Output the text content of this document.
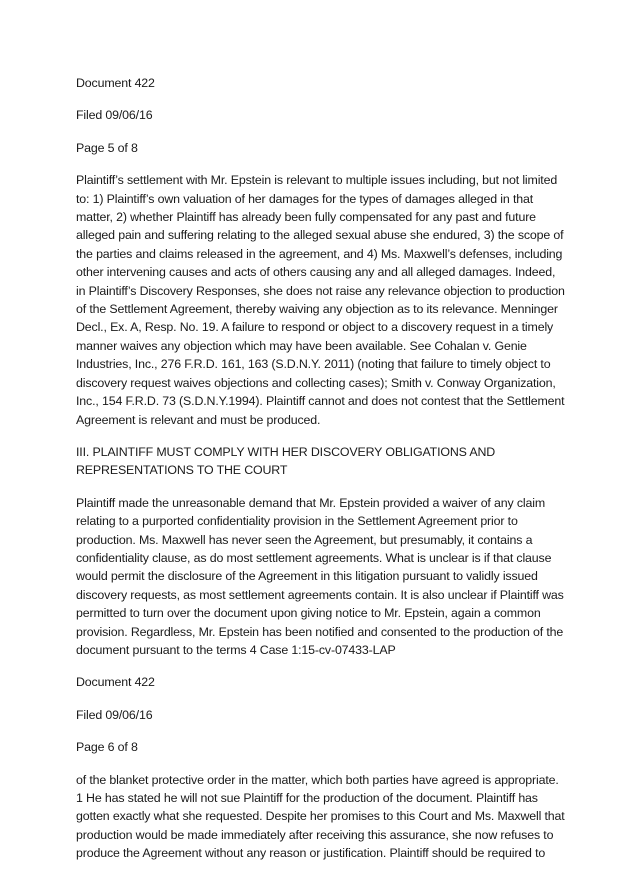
Document 422
Filed 09/06/16
Page 5 of 8
Plaintiff’s settlement with Mr. Epstein is relevant to multiple issues including, but not limited to: 1) Plaintiff’s own valuation of her damages for the types of damages alleged in that matter, 2) whether Plaintiff has already been fully compensated for any past and future alleged pain and suffering relating to the alleged sexual abuse she endured, 3) the scope of the parties and claims released in the agreement, and 4) Ms. Maxwell’s defenses, including other intervening causes and acts of others causing any and all alleged damages. Indeed, in Plaintiff’s Discovery Responses, she does not raise any relevance objection to production of the Settlement Agreement, thereby waiving any objection as to its relevance. Menninger Decl., Ex. A, Resp. No. 19. A failure to respond or object to a discovery request in a timely manner waives any objection which may have been available. See Cohalan v. Genie Industries, Inc., 276 F.R.D. 161, 163 (S.D.N.Y. 2011) (noting that failure to timely object to discovery request waives objections and collecting cases); Smith v. Conway Organization, Inc., 154 F.R.D. 73 (S.D.N.Y.1994). Plaintiff cannot and does not contest that the Settlement Agreement is relevant and must be produced.
III. PLAINTIFF MUST COMPLY WITH HER DISCOVERY OBLIGATIONS AND REPRESENTATIONS TO THE COURT
Plaintiff made the unreasonable demand that Mr. Epstein provided a waiver of any claim relating to a purported confidentiality provision in the Settlement Agreement prior to production. Ms. Maxwell has never seen the Agreement, but presumably, it contains a confidentiality clause, as do most settlement agreements. What is unclear is if that clause would permit the disclosure of the Agreement in this litigation pursuant to validly issued discovery requests, as most settlement agreements contain. It is also unclear if Plaintiff was permitted to turn over the document upon giving notice to Mr. Epstein, again a common provision. Regardless, Mr. Epstein has been notified and consented to the production of the document pursuant to the terms 4 Case 1:15-cv-07433-LAP
Document 422
Filed 09/06/16
Page 6 of 8
of the blanket protective order in the matter, which both parties have agreed is appropriate. 1 He has stated he will not sue Plaintiff for the production of the document. Plaintiff has gotten exactly what she requested. Despite her promises to this Court and Ms. Maxwell that production would be made immediately after receiving this assurance, she now refuses to produce the Agreement without any reason or justification. Plaintiff should be required to
